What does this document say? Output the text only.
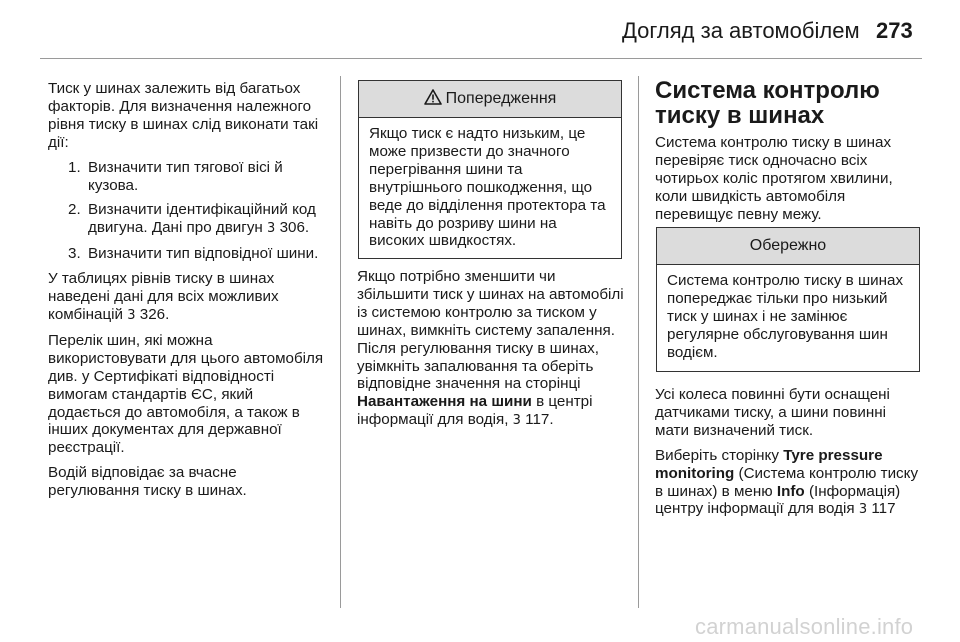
Догляд за автомобілем 273

Тиск у шинах залежить від багатьох факторів. Для визначення належного рівня тиску в шинах слід виконати такі дії:

1. Визначити тип тягової вісі й кузова.
2. Визначити ідентифікаційний код двигуна. Дані про двигун 3 306.
3. Визначити тип відповідної шини.

У таблицях рівнів тиску в шинах наведені дані для всіх можливих комбінацій 3 326.

Перелік шин, які можна використовувати для цього автомобіля див. у Сертифікаті відповідності вимогам стандартів ЄС, який додається до автомобіля, а також в інших документах для державної реєстрації.

Водій відповідає за вчасне регулювання тиску в шинах.

Попередження
Якщо тиск є надто низьким, це може призвести до значного перегрівання шини та внутрішнього пошкодження, що веде до відділення протектора та навіть до розриву шини на високих швидкостях.

Якщо потрібно зменшити чи збільшити тиск у шинах на автомобілі із системою контролю за тиском у шинах, вимкніть систему запалення. Після регулювання тиску в шинах, увімкніть запалювання та оберіть відповідне значення на сторінці Навантаження на шини в центрі інформації для водія, 3 117.

Система контролю тиску в шинах

Система контролю тиску в шинах перевіряє тиск одночасно всіх чотирьох коліс протягом хвилини, коли швидкість автомобіля перевищує певну межу.

Обережно
Система контролю тиску в шинах попереджає тільки про низький тиск у шинах і не замінює регулярне обслуговування шин водієм.

Усі колеса повинні бути оснащені датчиками тиску, а шини повинні мати визначений тиск.

Виберіть сторінку Tyre pressure monitoring (Система контролю тиску в шинах) в меню Info (Інформація) центру інформації для водія 3 117

carmanualsonline.info
